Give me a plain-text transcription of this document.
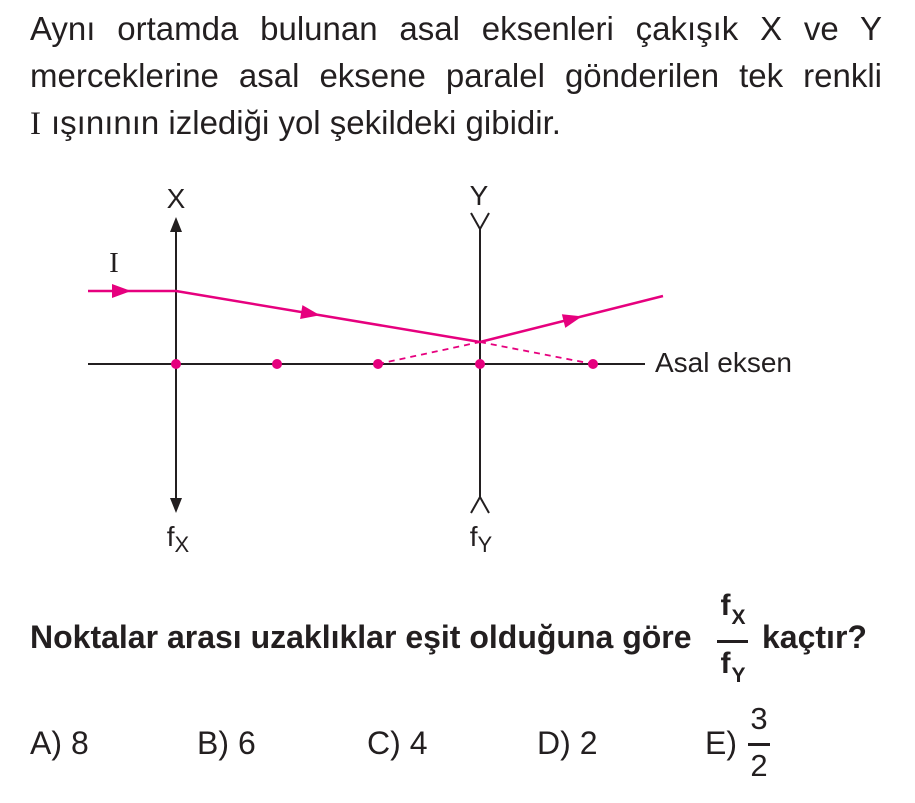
Aynı ortamda bulunan asal eksenleri çakışık X ve Y
merceklerine asal eksene paralel gönderilen tek renkli
I ışınının izlediği yol şekildeki gibidir.
Asal eksen
X
$f_X$
Y
$f_Y$
I
Noktalar arası uzaklıklar eşit olduğuna göre
$f_X$
$f_Y$
kaçtır?
A) 8	B) 6	C) 4	D) 2	E)
3
2
